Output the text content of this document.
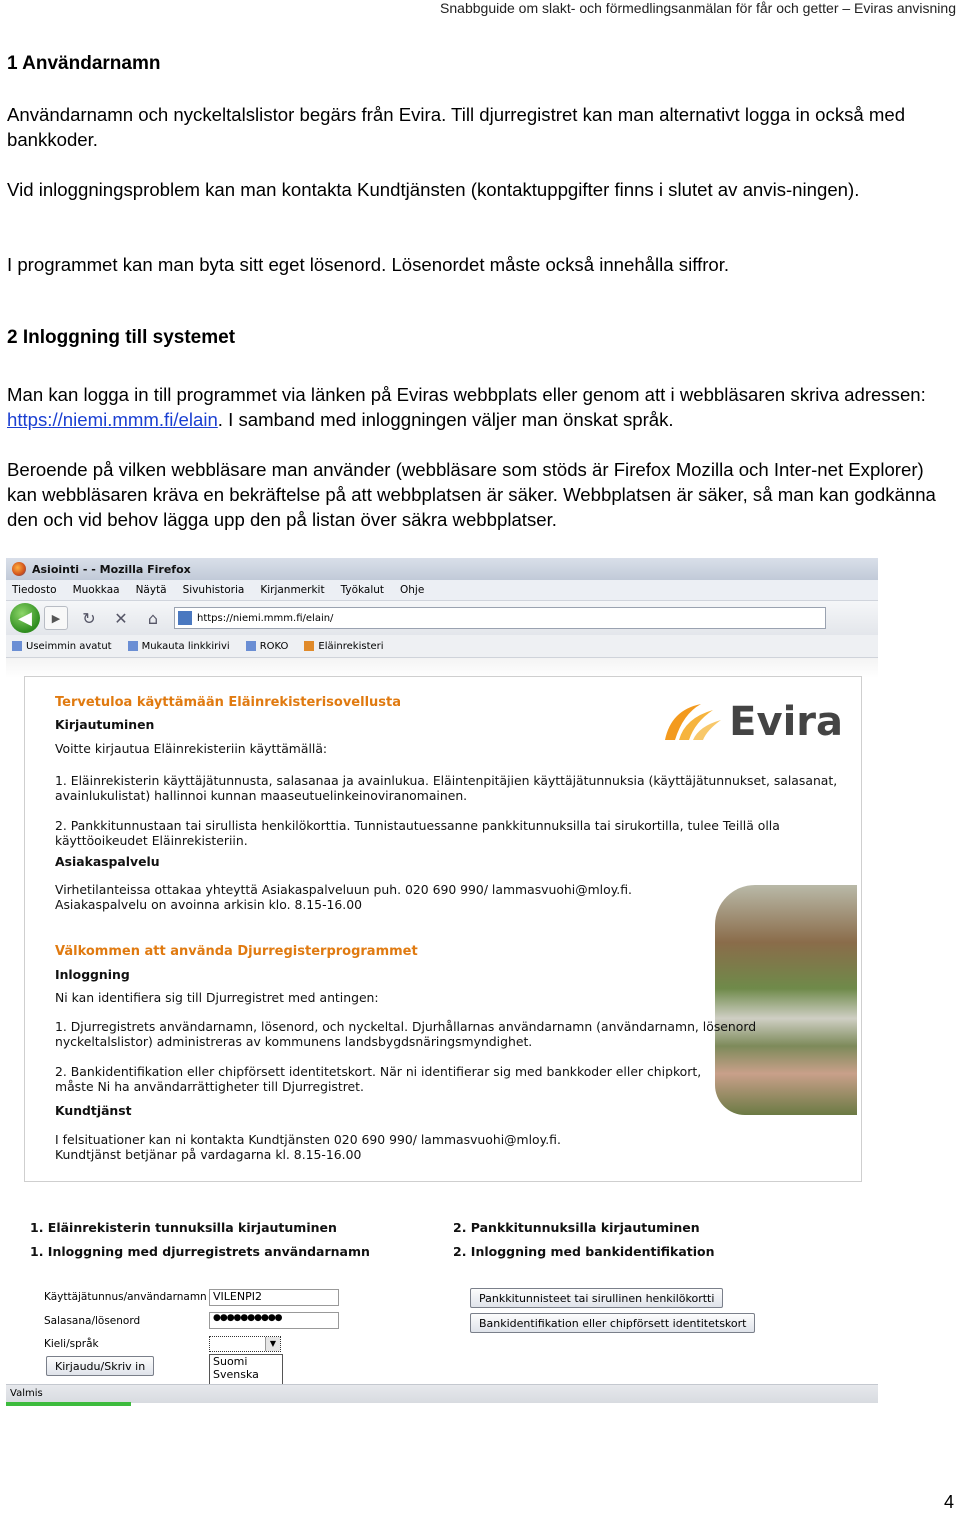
Snabbguide om slakt- och förmedlingsanmälan för får och getter – Eviras anvisning

1 Användarnamn

Användarnamn och nyckeltalslistor begärs från Evira. Till djurregistret kan man alternativt logga in också med bankkoder.

Vid inloggningsproblem kan man kontakta Kundtjänsten (kontaktuppgifter finns i slutet av anvis-ningen).

I programmet kan man byta sitt eget lösenord. Lösenordet måste också innehålla siffror.

2 Inloggning till systemet

Man kan logga in till programmet via länken på Eviras webbplats eller genom att i webbläsaren skriva adressen: https://niemi.mmm.fi/elain. I samband med inloggningen väljer man önskat språk.

Beroende på vilken webbläsare man använder (webbläsare som stöds är Firefox Mozilla och Inter-net Explorer) kan webbläsaren kräva en bekräftelse på att webbplatsen är säker. Webbplatsen är säker, så man kan godkänna den och vid behov lägga upp den på listan över säkra webbplatser.

Asiointi - - Mozilla Firefox
Tiedosto Muokkaa Näytä Sivuhistoria Kirjanmerkit Työkalut Ohje
◀	▶	↻ ✕	⌂	https://niemi.mmm.fi/elain/
Useimmin avatut	Mukauta linkkirivi	ROKO	Eläinrekisteri
Evira
Tervetuloa käyttämään Eläinrekisterisovellusta
Kirjautuminen
Voitte kirjautua Eläinrekisteriin käyttämällä:
1. Eläinrekisterin käyttäjätunnusta, salasanaa ja avainlukua. Eläintenpitäjien käyttäjätunnuksia (käyttäjätunnukset, salasanat,
avainlukulistat) hallinnoi kunnan maaseutuelinkeinoviranomainen.
2. Pankkitunnustaan tai sirullista henkilökorttia. Tunnistautuessanne pankkitunnuksilla tai sirukortilla, tulee Teillä olla
käyttöoikeudet Eläinrekisteriin.
Asiakaspalvelu
Virhetilanteissa ottakaa yhteyttä Asiakaspalveluun puh. 020 690 990/ lammasvuohi@mloy.fi.
Asiakaspalvelu on avoinna arkisin klo. 8.15-16.00
Välkommen att använda Djurregisterprogrammet
Inloggning
Ni kan identifiera sig till Djurregistret med antingen:
1. Djurregistrets användarnamn, lösenord, och nyckeltal. Djurhållarnas användarnamn (användarnamn, lösenord
nyckeltalslistor) administreras av kommunens landsbygdsnäringsmyndighet.
2. Bankidentifikation eller chipförsett identitetskort. När ni identifierar sig med bankkoder eller chipkort,
måste Ni ha användarrättigheter till Djurregistret.
Kundtjänst
I felsituationer kan ni kontakta Kundtjänsten 020 690 990/ lammasvuohi@mloy.fi.
Kundtjänst betjänar på vardagarna kl. 8.15-16.00
1. Eläinrekisterin tunnuksilla kirjautuminen
1. Inloggning med djurregistrets användarnamn
2. Pankkitunnuksilla kirjautuminen
2. Inloggning med bankidentifikation
Käyttäjätunnus/användarnamn VILENPI2
Salasana/lösenord	●●●●●●●●●●
Kieli/språk	▼
Suomi
Svenska
Kirjaudu/Skriv in
Pankkitunnisteet tai sirullinen henkilökortti
Bankidentifikation eller chipförsett identitetskort
Valmis
4
